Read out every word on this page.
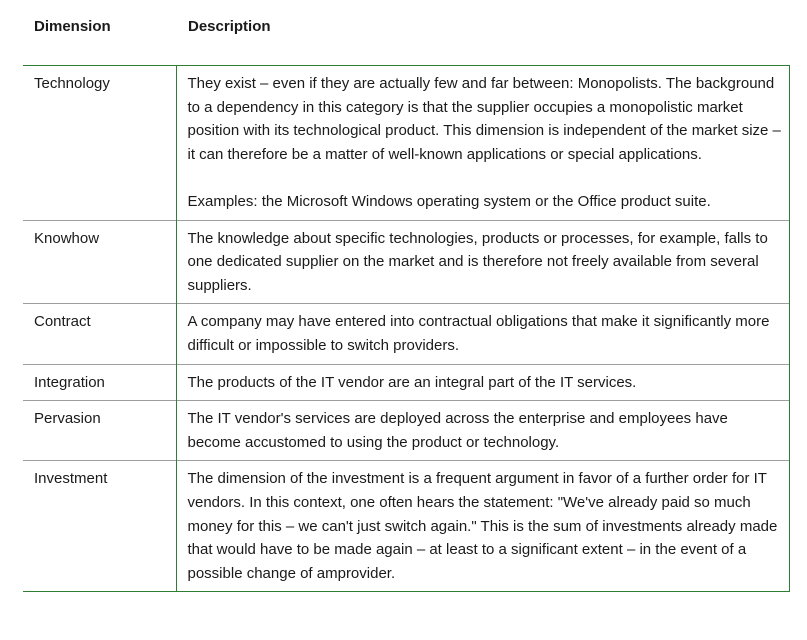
Dimension	Description
Technology	They exist – even if they are actually few and far between: Monopolists. The background to a dependency in this category is that the supplier occupies a monopolistic market position with its technological product. This dimension is independent of the market size – it can therefore be a matter of well-known applications or special applications.

Examples: the Microsoft Windows operating system or the Office product suite.

Knowhow	The knowledge about specific technologies, products or processes, for example, falls to one dedicated supplier on the market and is therefore not freely available from several suppliers.

Contract	A company may have entered into contractual obligations that make it significantly more difficult or impossible to switch providers.

Integration	The products of the IT vendor are an integral part of the IT services.

Pervasion	The IT vendor's services are deployed across the enterprise and employees have become accustomed to using the product or technology.

Investment	The dimension of the investment is a frequent argument in favor of a further order for IT vendors. In this context, one often hears the statement: "We've already paid so much money for this – we can't just switch again." This is the sum of investments already made that would have to be made again – at least to a significant extent – in the event of a possible change of amprovider.
